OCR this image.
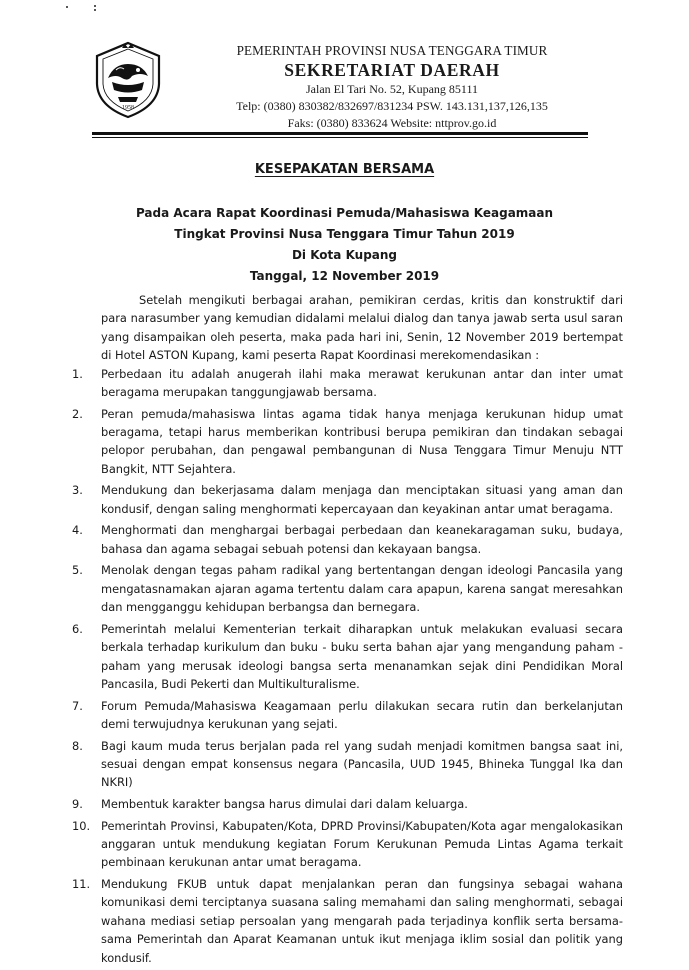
1958
PEMERINTAH PROVINSI NUSA TENGGARA TIMUR
SEKRETARIAT DAERAH
Jalan El Tari No. 52, Kupang 85111
Telp: (0380) 830382/832697/831234 PSW. 143.131,137,126,135
Faks: (0380) 833624 Website: nttprov.go.id
KESEPAKATAN BERSAMA
Pada Acara Rapat Koordinasi Pemuda/Mahasiswa Keagamaan
Tingkat Provinsi Nusa Tenggara Timur Tahun 2019
Di Kota Kupang
Tanggal, 12 November 2019

Setelah mengikuti berbagai arahan, pemikiran cerdas, kritis dan konstruktif dari para narasumber yang kemudian didalami melalui dialog dan tanya jawab serta usul saran yang disampaikan oleh peserta, maka pada hari ini, Senin, 12 November 2019 bertempat di Hotel ASTON Kupang, kami peserta Rapat Koordinasi merekomendasikan :

1. Perbedaan itu adalah anugerah ilahi maka merawat kerukunan antar dan inter umat beragama merupakan tanggungjawab bersama.
2. Peran pemuda/mahasiswa lintas agama tidak hanya menjaga kerukunan hidup umat beragama, tetapi harus memberikan kontribusi berupa pemikiran dan tindakan sebagai pelopor perubahan, dan pengawal pembangunan di Nusa Tenggara Timur Menuju NTT Bangkit, NTT Sejahtera.
3. Mendukung dan bekerjasama dalam menjaga dan menciptakan situasi yang aman dan kondusif, dengan saling menghormati kepercayaan dan keyakinan antar umat beragama.
4. Menghormati dan menghargai berbagai perbedaan dan keanekaragaman suku, budaya, bahasa dan agama sebagai sebuah potensi dan kekayaan bangsa.
5. Menolak dengan tegas paham radikal yang bertentangan dengan ideologi Pancasila yang mengatasnamakan ajaran agama tertentu dalam cara apapun, karena sangat meresahkan dan mengganggu kehidupan berbangsa dan bernegara.
6. Pemerintah melalui Kementerian terkait diharapkan untuk melakukan evaluasi secara berkala terhadap kurikulum dan buku - buku serta bahan ajar yang mengandung paham - paham yang merusak ideologi bangsa serta menanamkan sejak dini Pendidikan Moral Pancasila, Budi Pekerti dan Multikulturalisme.
7. Forum Pemuda/Mahasiswa Keagamaan perlu dilakukan secara rutin dan berkelanjutan demi terwujudnya kerukunan yang sejati.
8. Bagi kaum muda terus berjalan pada rel yang sudah menjadi komitmen bangsa saat ini, sesuai dengan empat konsensus negara (Pancasila, UUD 1945, Bhineka Tunggal Ika dan NKRI)
9. Membentuk karakter bangsa harus dimulai dari dalam keluarga.
10. Pemerintah Provinsi, Kabupaten/Kota, DPRD Provinsi/Kabupaten/Kota agar mengalokasikan anggaran untuk mendukung kegiatan Forum Kerukunan Pemuda Lintas Agama terkait pembinaan kerukunan antar umat beragama.
11. Mendukung FKUB untuk dapat menjalankan peran dan fungsinya sebagai wahana komunikasi demi terciptanya suasana saling memahami dan saling menghormati, sebagai wahana mediasi setiap persoalan yang mengarah pada terjadinya konflik serta bersama-sama Pemerintah dan Aparat Keamanan untuk ikut menjaga iklim sosial dan politik yang kondusif.
